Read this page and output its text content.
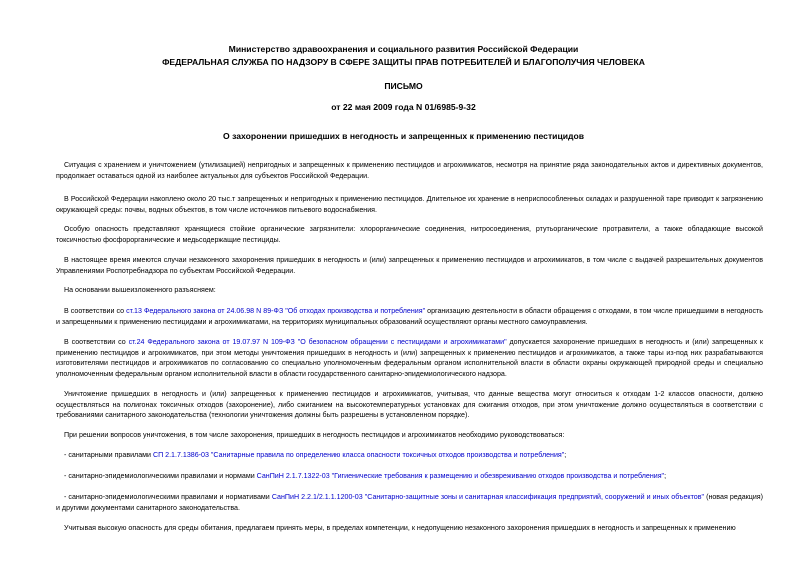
Министерство здравоохранения и социального развития Российской Федерации
ФЕДЕРАЛЬНАЯ СЛУЖБА ПО НАДЗОРУ В СФЕРЕ ЗАЩИТЫ ПРАВ ПОТРЕБИТЕЛЕЙ И БЛАГОПОЛУЧИЯ ЧЕЛОВЕКА
ПИСЬМО
от 22 мая 2009 года N 01/6985-9-32
О захоронении пришедших в негодность и запрещенных к применению пестицидов

Ситуация с хранением и уничтожением (утилизацией) непригодных и запрещенных к применению пестицидов и агрохимикатов, несмотря на принятие ряда законодательных актов и директивных документов, продолжает оставаться одной из наиболее актуальных для субъектов Российской Федерации.

В Российской Федерации накоплено около 20 тыс.т запрещенных и непригодных к применению пестицидов. Длительное их хранение в неприспособленных складах и разрушенной таре приводит к загрязнению окружающей среды: почвы, водных объектов, в том числе источников питьевого водоснабжения.

Особую опасность представляют хранящиеся стойкие органические загрязнители: хлорорганические соединения, нитросоединения, ртутьорганические протравители, а также обладающие высокой токсичностью фосфорорганические и медьсодержащие пестициды.

В настоящее время имеются случаи незаконного захоронения пришедших в негодность и (или) запрещенных к применению пестицидов и агрохимикатов, в том числе с выдачей разрешительных документов Управлениями Роспотребнадзора по субъектам Российской Федерации.

На основании вышеизложенного разъясняем:

В соответствии со ст.13 Федерального закона от 24.06.98 N 89-ФЗ "Об отходах производства и потребления" организацию деятельности в области обращения с отходами, в том числе пришедшими в негодность и запрещенными к применению пестицидами и агрохимикатами, на территориях муниципальных образований осуществляют органы местного самоуправления.

В соответствии со ст.24 Федерального закона от 19.07.97 N 109-ФЗ "О безопасном обращении с пестицидами и агрохимикатами" допускается захоронение пришедших в негодность и (или) запрещенных к применению пестицидов и агрохимикатов, при этом методы уничтожения пришедших в негодность и (или) запрещенных к применению пестицидов и агрохимикатов, а также тары из-под них разрабатываются изготовителями пестицидов и агрохимикатов по согласованию со специально уполномоченным федеральным органом исполнительной власти в области охраны окружающей природной среды и специально уполномоченным федеральным органом исполнительной власти в области государственного санитарно-эпидемиологического надзора.

Уничтожение пришедших в негодность и (или) запрещенных к применению пестицидов и агрохимикатов, учитывая, что данные вещества могут относиться к отходам 1-2 классов опасности, должно осуществляться на полигонах токсичных отходов (захоронение), либо сжиганием на высокотемпературных установках для сжигания отходов, при этом уничтожение должно осуществляться в соответствии с требованиями санитарного законодательства (технологии уничтожения должны быть разрешены в установленном порядке).

При решении вопросов уничтожения, в том числе захоронения, пришедших в негодность пестицидов и агрохимикатов необходимо руководствоваться:

- санитарными правилами СП 2.1.7.1386-03 "Санитарные правила по определению класса опасности токсичных отходов производства и потребления";

- санитарно-эпидемиологическими правилами и нормами СанПиН 2.1.7.1322-03 "Гигиенические требования к размещению и обезвреживанию отходов производства и потребления";

- санитарно-эпидемиологическими правилами и нормативами СанПиН 2.2.1/2.1.1.1200-03 "Санитарно-защитные зоны и санитарная классификация предприятий, сооружений и иных объектов" (новая редакция) и другими документами санитарного законодательства.

Учитывая высокую опасность для среды обитания, предлагаем принять меры, в пределах компетенции, к недопущению незаконного захоронения пришедших в негодность и запрещенных к применению
